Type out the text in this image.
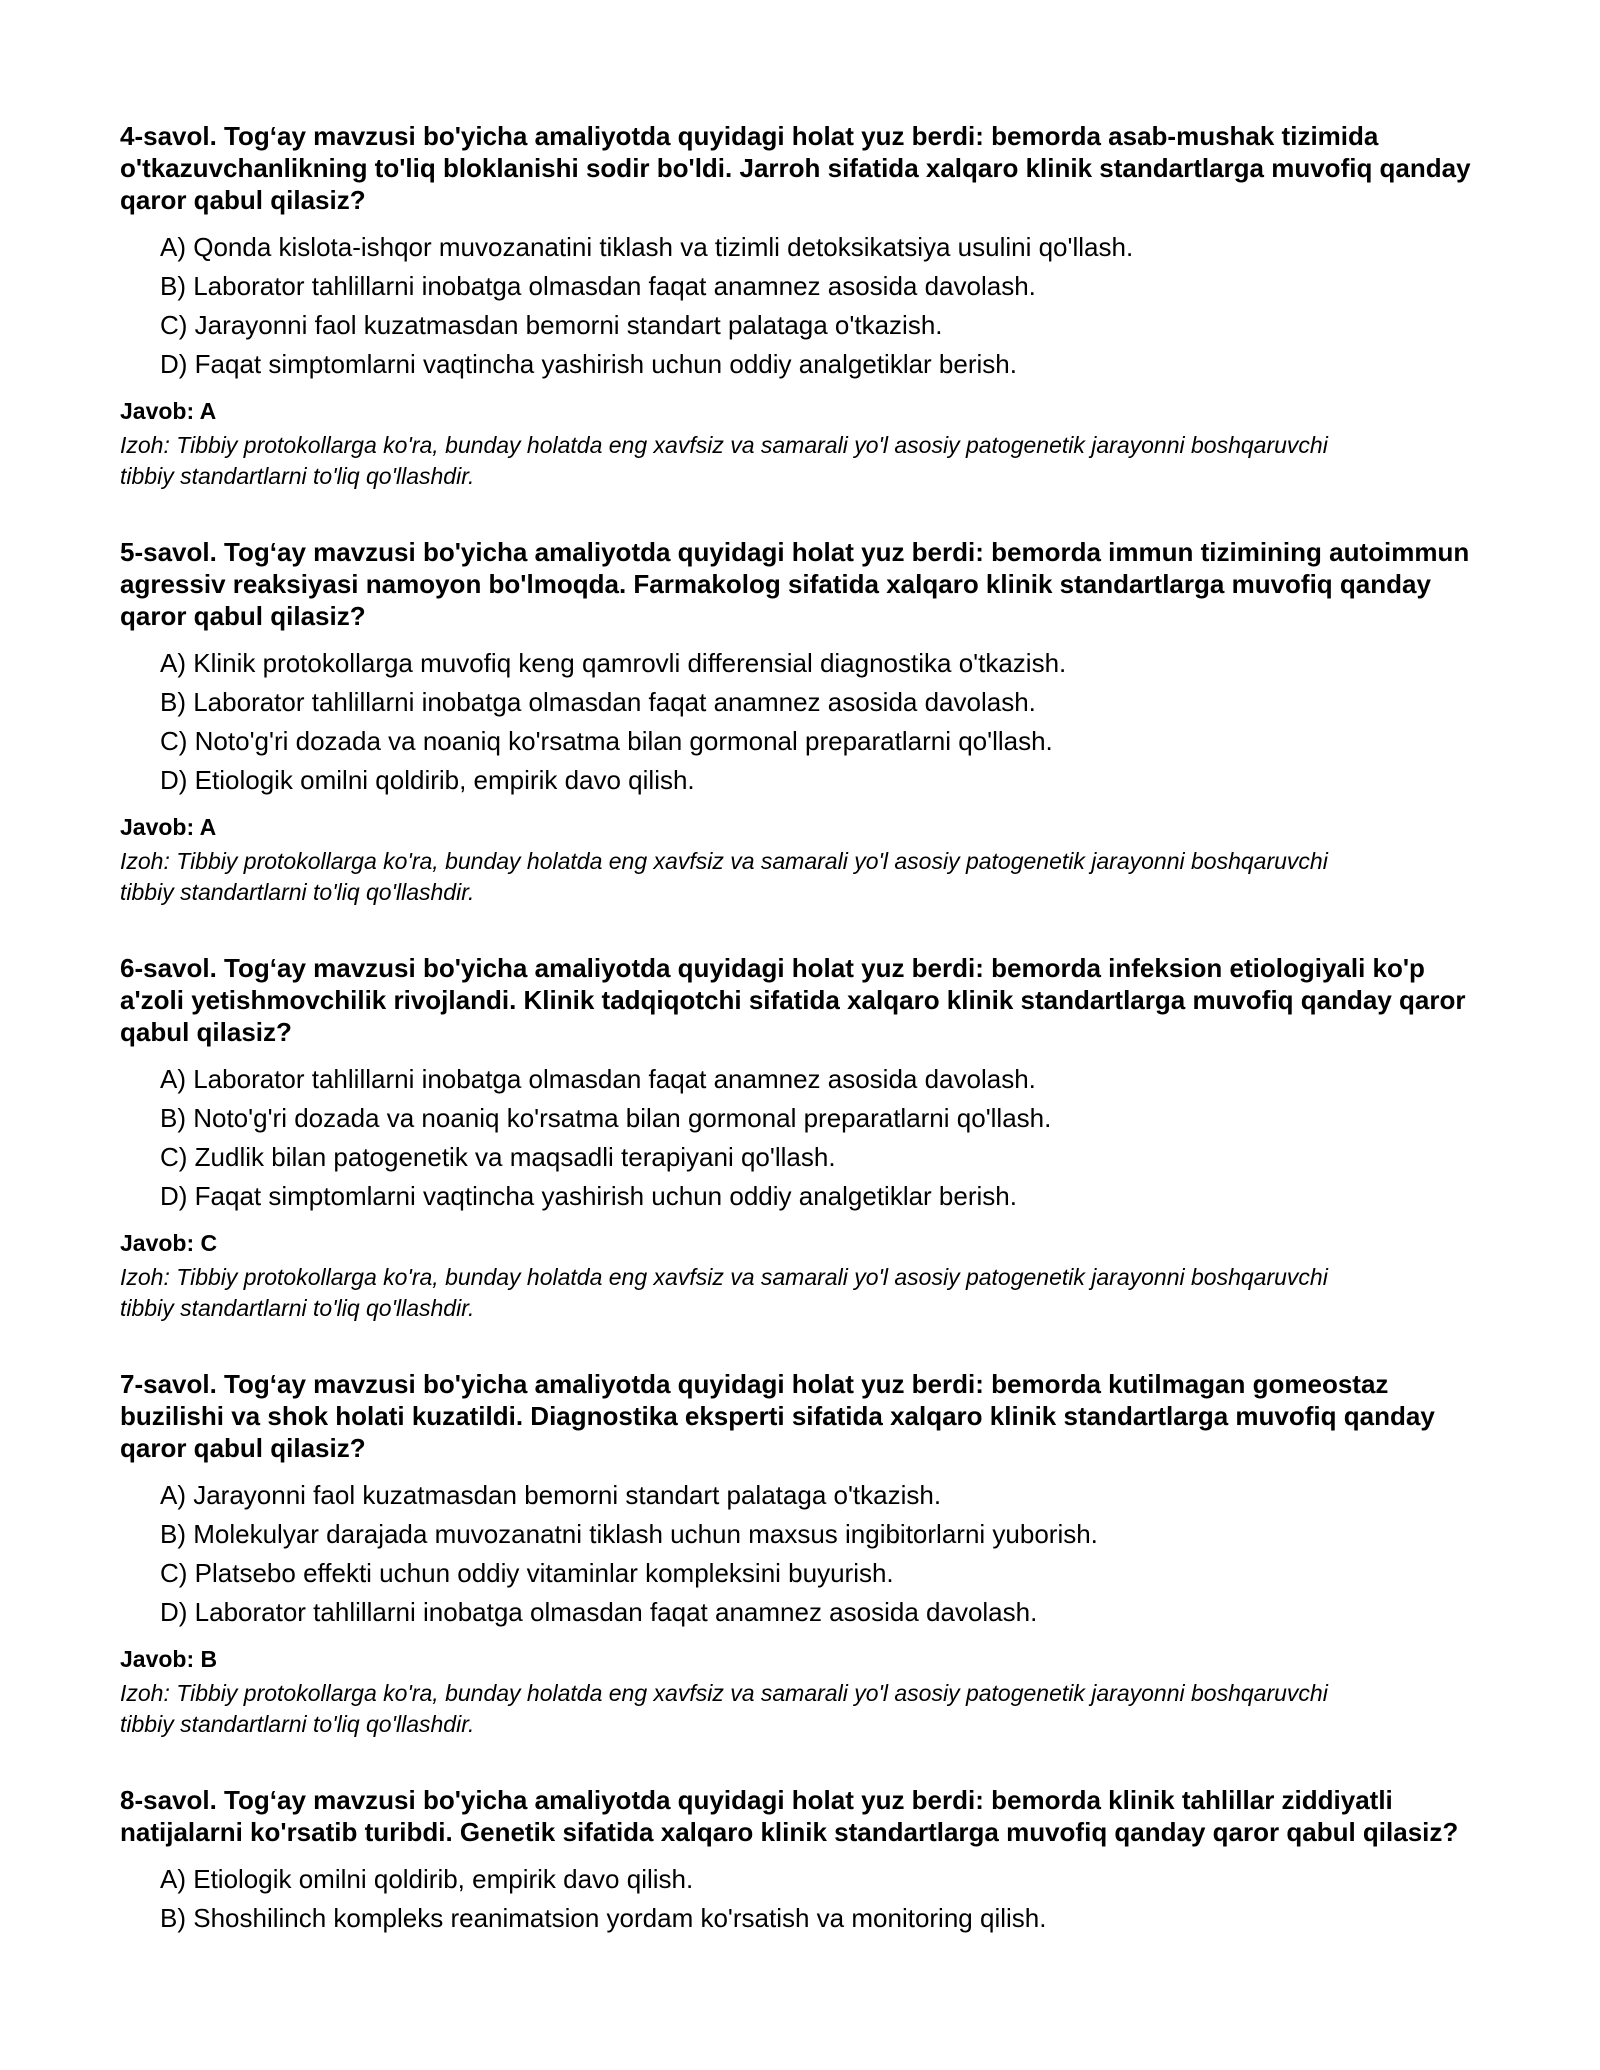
4-savol. Tog‘ay mavzusi bo'yicha amaliyotda quyidagi holat yuz berdi: bemorda asab-mushak tizimida o'tkazuvchanlikning to'liq bloklanishi sodir bo'ldi. Jarroh sifatida xalqaro klinik standartlarga muvofiq qanday qaror qabul qilasiz?

A) Qonda kislota-ishqor muvozanatini tiklash va tizimli detoksikatsiya usulini qo'llash.
B) Laborator tahlillarni inobatga olmasdan faqat anamnez asosida davolash.
C) Jarayonni faol kuzatmasdan bemorni standart palataga o'tkazish.
D) Faqat simptomlarni vaqtincha yashirish uchun oddiy analgetiklar berish.

Javob: A

Izoh: Tibbiy protokollarga ko'ra, bunday holatda eng xavfsiz va samarali yo'l asosiy patogenetik jarayonni boshqaruvchi tibbiy standartlarni to'liq qo'llashdir.

5-savol. Tog‘ay mavzusi bo'yicha amaliyotda quyidagi holat yuz berdi: bemorda immun tizimining autoimmun agressiv reaksiyasi namoyon bo'lmoqda. Farmakolog sifatida xalqaro klinik standartlarga muvofiq qanday qaror qabul qilasiz?

A) Klinik protokollarga muvofiq keng qamrovli differensial diagnostika o'tkazish.
B) Laborator tahlillarni inobatga olmasdan faqat anamnez asosida davolash.
C) Noto'g'ri dozada va noaniq ko'rsatma bilan gormonal preparatlarni qo'llash.
D) Etiologik omilni qoldirib, empirik davo qilish.

Javob: A

Izoh: Tibbiy protokollarga ko'ra, bunday holatda eng xavfsiz va samarali yo'l asosiy patogenetik jarayonni boshqaruvchi tibbiy standartlarni to'liq qo'llashdir.

6-savol. Tog‘ay mavzusi bo'yicha amaliyotda quyidagi holat yuz berdi: bemorda infeksion etiologiyali ko'p a'zoli yetishmovchilik rivojlandi. Klinik tadqiqotchi sifatida xalqaro klinik standartlarga muvofiq qanday qaror qabul qilasiz?

A) Laborator tahlillarni inobatga olmasdan faqat anamnez asosida davolash.
B) Noto'g'ri dozada va noaniq ko'rsatma bilan gormonal preparatlarni qo'llash.
C) Zudlik bilan patogenetik va maqsadli terapiyani qo'llash.
D) Faqat simptomlarni vaqtincha yashirish uchun oddiy analgetiklar berish.

Javob: C

Izoh: Tibbiy protokollarga ko'ra, bunday holatda eng xavfsiz va samarali yo'l asosiy patogenetik jarayonni boshqaruvchi tibbiy standartlarni to'liq qo'llashdir.

7-savol. Tog‘ay mavzusi bo'yicha amaliyotda quyidagi holat yuz berdi: bemorda kutilmagan gomeostaz buzilishi va shok holati kuzatildi. Diagnostika eksperti sifatida xalqaro klinik standartlarga muvofiq qanday qaror qabul qilasiz?

A) Jarayonni faol kuzatmasdan bemorni standart palataga o'tkazish.
B) Molekulyar darajada muvozanatni tiklash uchun maxsus ingibitorlarni yuborish.
C) Platsebo effekti uchun oddiy vitaminlar kompleksini buyurish.
D) Laborator tahlillarni inobatga olmasdan faqat anamnez asosida davolash.

Javob: B

Izoh: Tibbiy protokollarga ko'ra, bunday holatda eng xavfsiz va samarali yo'l asosiy patogenetik jarayonni boshqaruvchi tibbiy standartlarni to'liq qo'llashdir.

8-savol. Tog‘ay mavzusi bo'yicha amaliyotda quyidagi holat yuz berdi: bemorda klinik tahlillar ziddiyatli natijalarni ko'rsatib turibdi. Genetik sifatida xalqaro klinik standartlarga muvofiq qanday qaror qabul qilasiz?

A) Etiologik omilni qoldirib, empirik davo qilish.
B) Shoshilinch kompleks reanimatsion yordam ko'rsatish va monitoring qilish.
